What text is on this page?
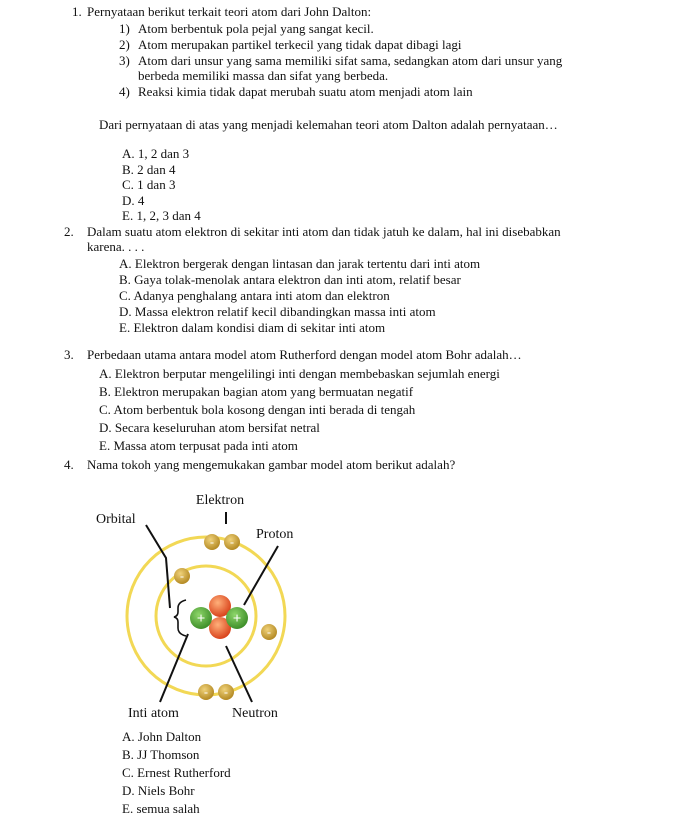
1. Pernyataan berikut terkait teori atom dari John Dalton:
1) Atom berbentuk pola pejal yang sangat kecil.
2) Atom merupakan partikel terkecil yang tidak dapat dibagi lagi
3) Atom dari unsur yang sama memiliki sifat sama, sedangkan atom dari unsur yang
berbeda memiliki massa dan sifat yang berbeda.
4) Reaksi kimia tidak dapat merubah suatu atom menjadi atom lain
Dari pernyataan di atas yang menjadi kelemahan teori atom Dalton adalah pernyataan…
A. 1, 2 dan 3
B. 2 dan 4
C. 1 dan 3
D. 4
E. 1, 2, 3 dan 4
2. Dalam suatu atom elektron di sekitar inti atom dan tidak jatuh ke dalam, hal ini disebabkan
karena. . . .
A. Elektron bergerak dengan lintasan dan jarak tertentu dari inti atom
B. Gaya tolak-menolak antara elektron dan inti atom, relatif besar
C. Adanya penghalang antara inti atom dan elektron
D. Massa elektron relatif kecil dibandingkan massa inti atom
E. Elektron dalam kondisi diam di sekitar inti atom
3. Perbedaan utama antara model atom Rutherford dengan model atom Bohr adalah…
A. Elektron berputar mengelilingi inti dengan membebaskan sejumlah energi
B. Elektron merupakan bagian atom yang bermuatan negatif
C. Atom berbentuk bola kosong dengan inti berada di tengah
D. Secara keseluruhan atom bersifat netral
E. Massa atom terpusat pada inti atom
4. Nama tokoh yang mengemukakan gambar model atom berikut adalah?
+ +
- -
-
-
- -
Elektron
Orbital
Proton
Inti atom	Neutron
A. John Dalton
B. JJ Thomson
C. Ernest Rutherford
D. Niels Bohr
E. semua salah
